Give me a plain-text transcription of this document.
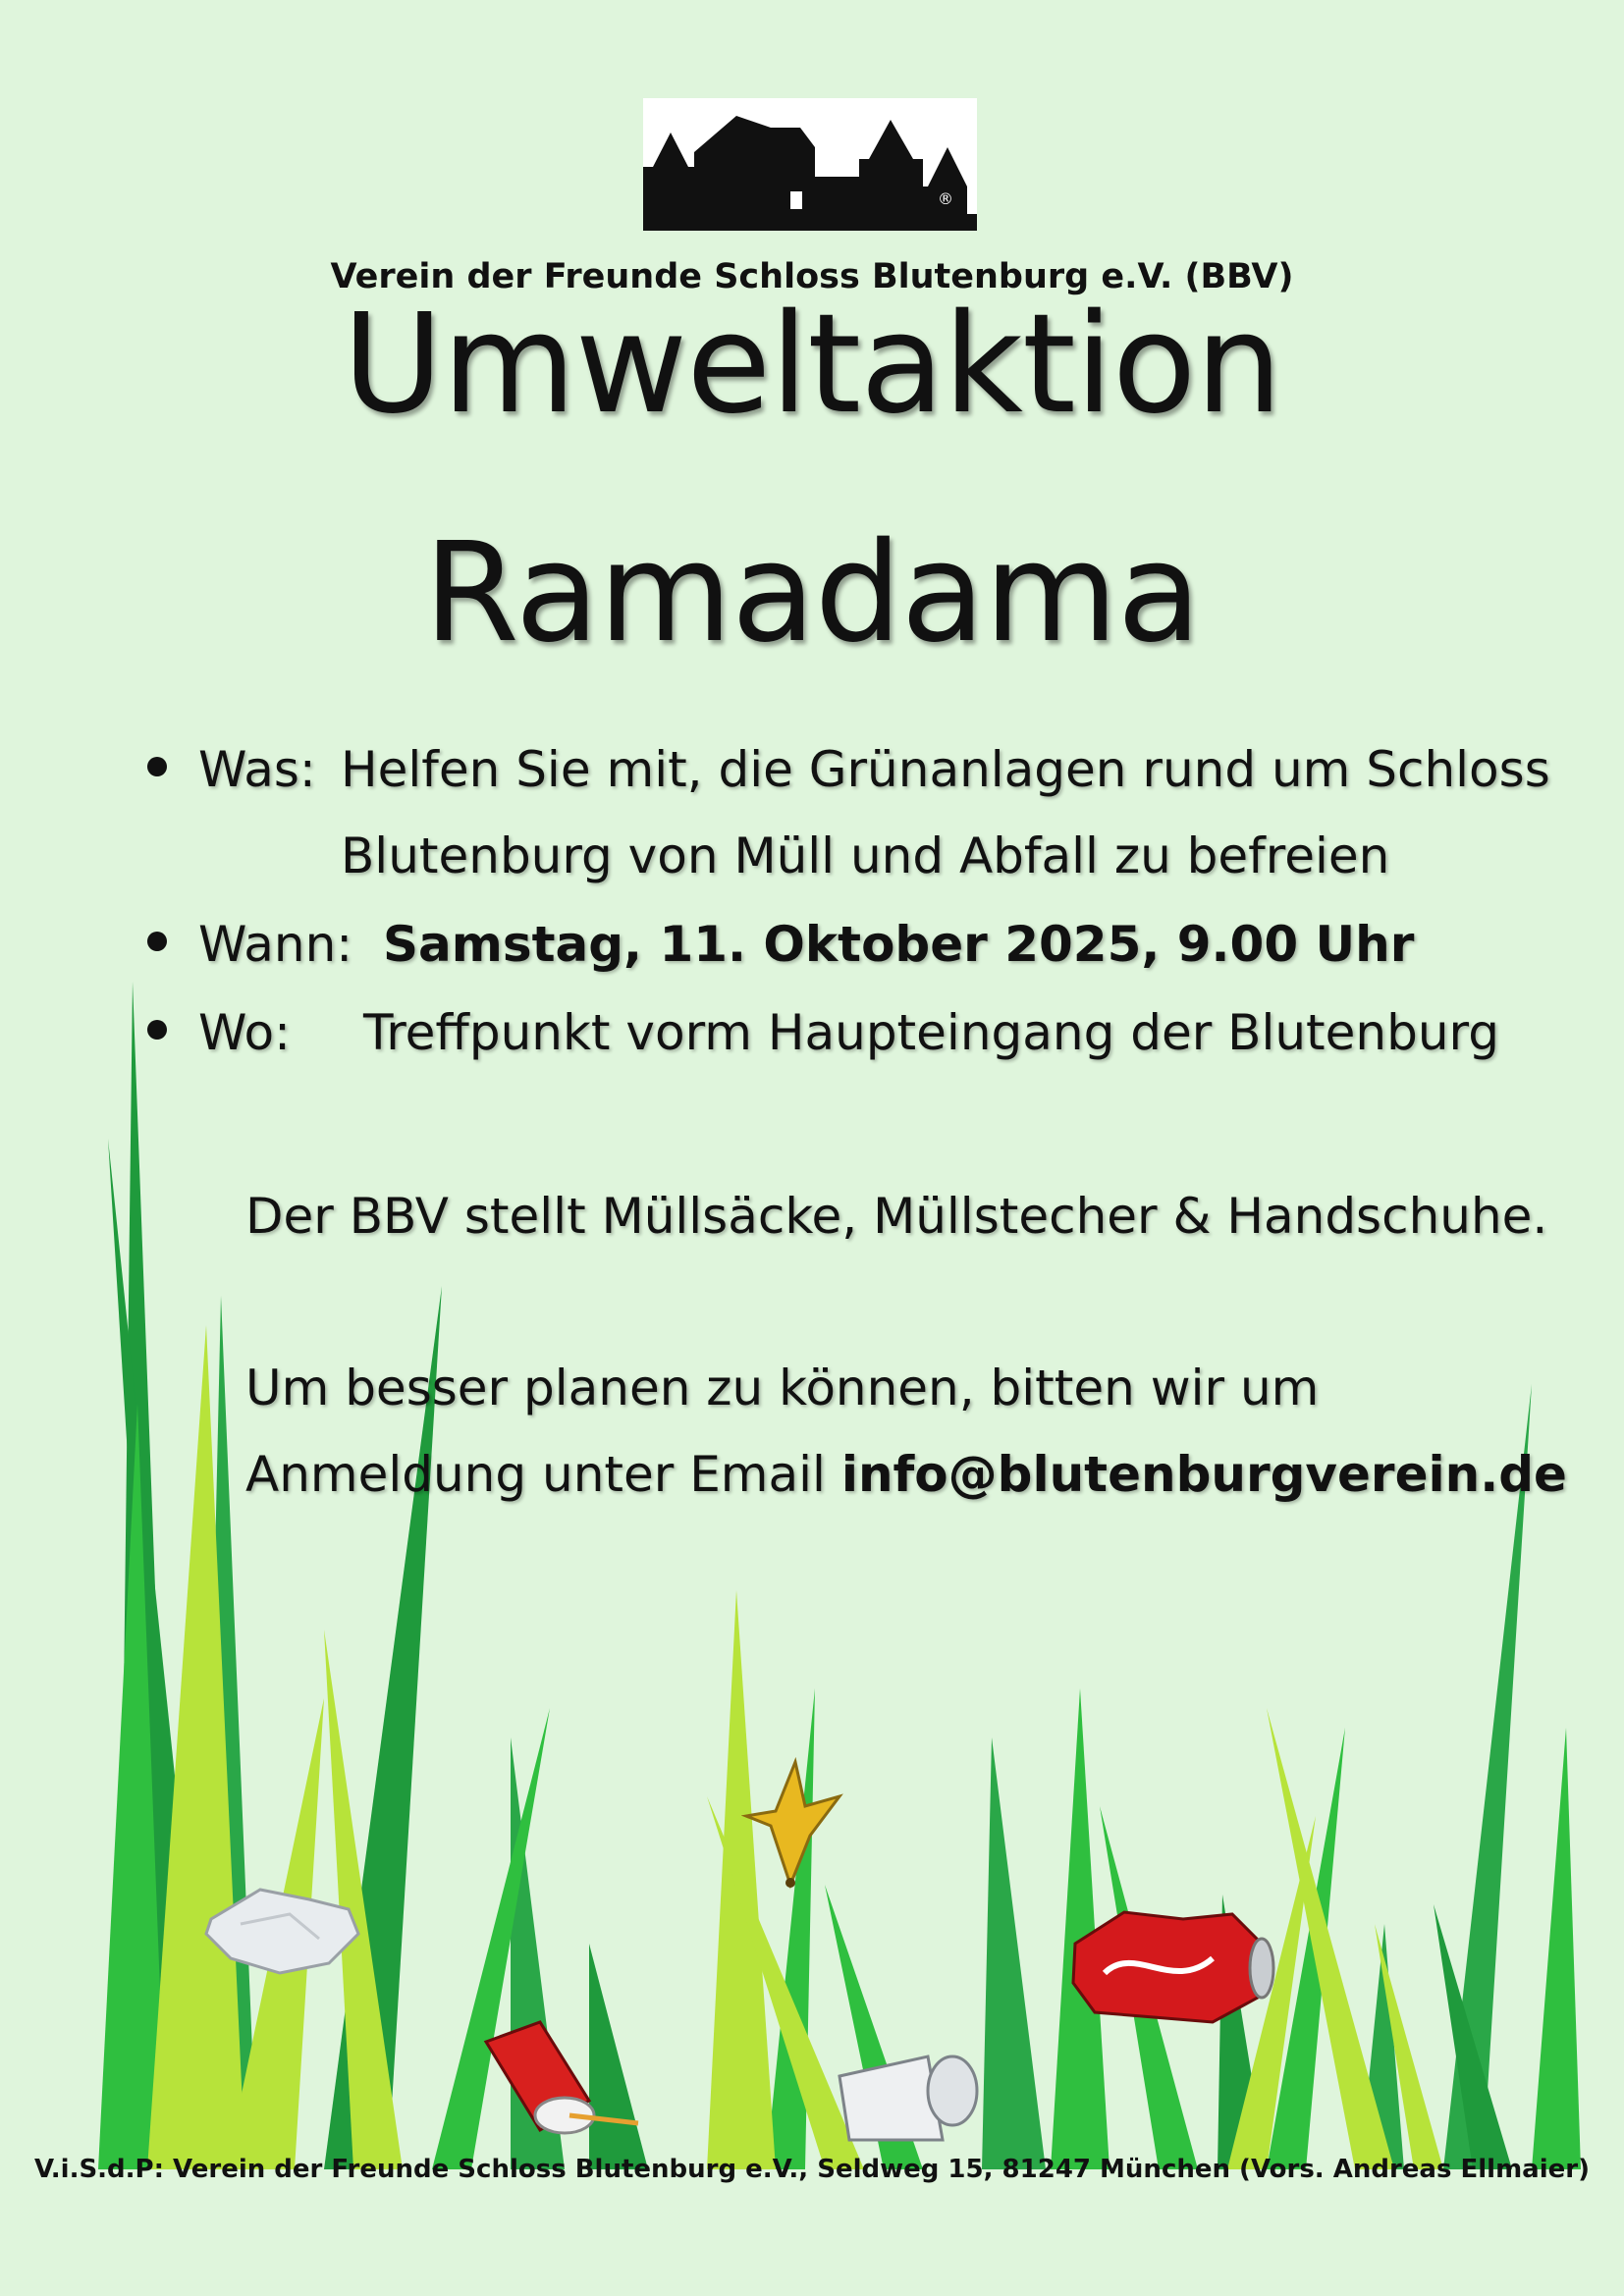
®
Verein der Freunde Schloss Blutenburg e.V. (BBV)
Umweltaktion
Ramadama
Was: Helfen Sie mit, die Grünanlagen rund um Schloss
Blutenburg von Müll und Abfall zu befreien
Wann: Samstag, 11. Oktober 2025, 9.00 Uhr
Wo: Treffpunkt vorm Haupteingang der Blutenburg
Der BBV stellt Müllsäcke, Müllstecher & Handschuhe.
Um besser planen zu können, bitten wir um
Anmeldung unter Email info@blutenburgverein.de
V.i.S.d.P: Verein der Freunde Schloss Blutenburg e.V., Seldweg 15, 81247 München (Vors. Andreas Ellmaier)
